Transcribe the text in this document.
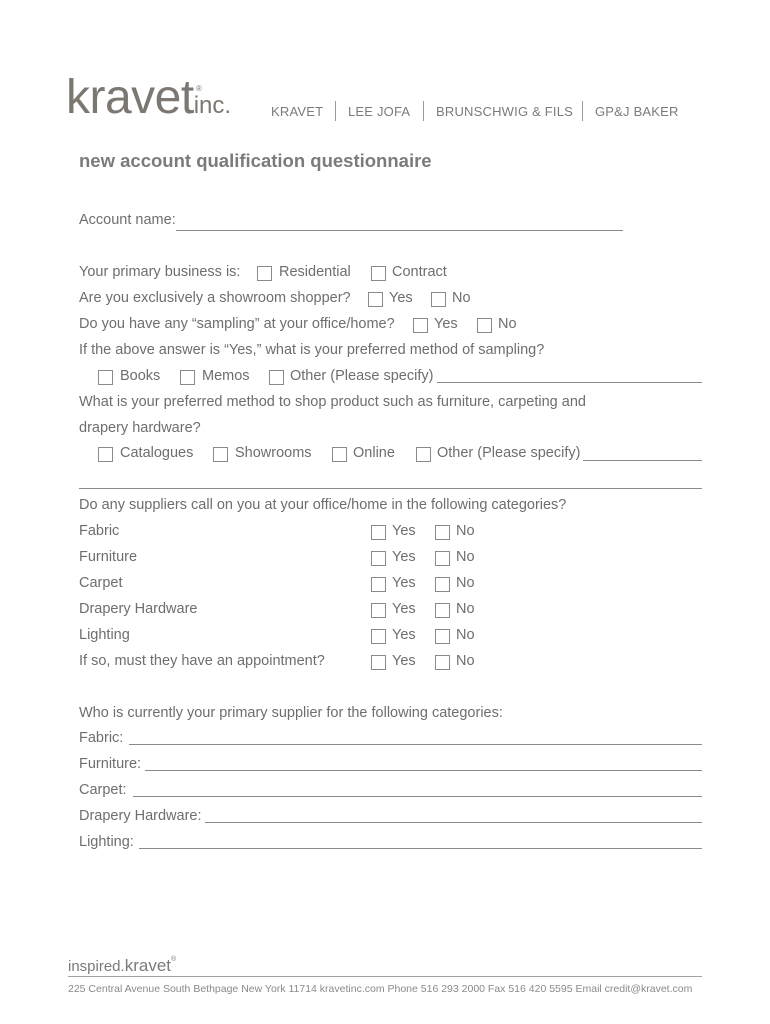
kravet ®
inc.	KRAVET LEE JOFA BRUNSCHWIG & FILS GP&J BAKER
new account qualification questionnaire
Account name:
Your primary business is:	Residential	Contract
Are you exclusively a showroom shopper?	Yes	No
Do you have any “sampling” at your office/home?	Yes	No
If the above answer is “Yes,” what is your preferred method of sampling?
Books	Memos	Other (Please specify)
What is your preferred method to shop product such as furniture, carpeting and
drapery hardware?
Catalogues	Showrooms	Online	Other (Please specify)
Do any suppliers call on you at your office/home in the following categories?
Fabric	Yes	No
Furniture	Yes	No
Carpet	Yes	No
Drapery Hardware	Yes	No
Lighting	Yes	No
If so, must they have an appointment?	Yes	No
Who is currently your primary supplier for the following categories:
Fabric:
Furniture:
Carpet:
Drapery Hardware:
Lighting:
inspired.kravet®
225 Central Avenue South Bethpage New York 11714 kravetinc.com Phone 516 293 2000 Fax 516 420 5595 Email credit@kravet.com
